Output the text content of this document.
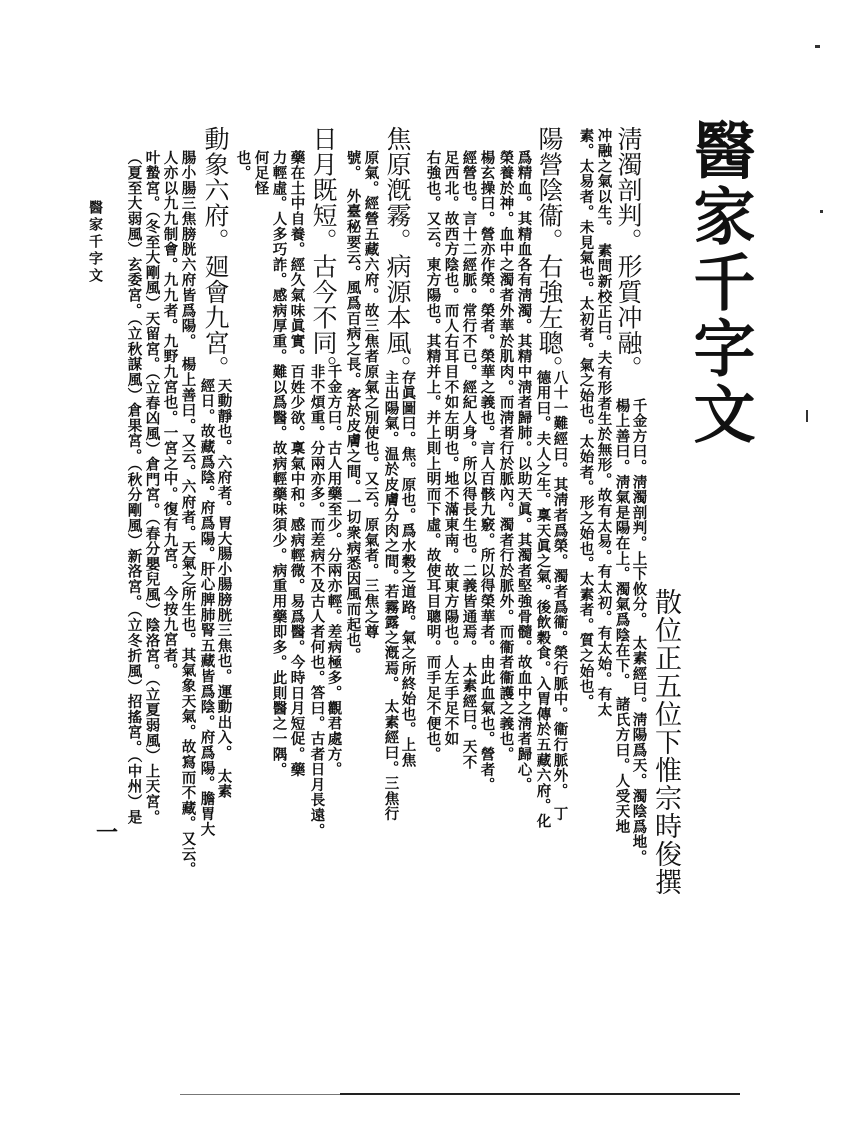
醫家千字文
散位正五位下惟宗時俊撰
淸濁剖判。形質冲融。
千金方曰。淸濁剖判。上下攸分。　太素經曰。淸陽爲天。濁陰爲地。
楊上善曰。淸氣是陽在上。濁氣爲陰在下。　諸氏方曰。人受天地
冲融之氣以生。　素問新校正曰。夫有形者生於無形。故有太易。有太初。有太始。有太
素。太易者。未見氣也。太初者。氣之始也。太始者。形之始也。太素者。質之始也。
陽營陰衞。右強左聰。
八十一難經曰。其淸者爲榮。濁者爲衞。榮行脈中。衞行脈外。　丁
德用曰。夫人之生。稟天眞之氣。後飲穀食。入胃傳於五藏六府。化
爲精血。其精血各有淸濁。其精中淸者歸肺。以助天眞。其濁者堅強骨髓。故血中之淸者歸心。
榮養於神。血中之濁者外華於肌肉。而淸者行於脈內。濁者行於脈外。而衞者衞護之義也。
楊玄操曰。營亦作榮。榮者。榮華之義也。言人百骸九竅。所以得榮華者。由此血氣也。營者。
經營也。言十二經脈。常行不已。經紀人身。所以得長生也。二義皆通焉。　太素經曰。天不
足西北。故西方陰也。而人右耳目不如左明也。地不滿東南。故東方陽也。人左手足不如
右強也。又云。東方陽也。其精并上。并上則上明而下虛。故使耳目聰明。而手足不便也。
焦原漑霧。病源本風。
存眞圖曰。焦。原也。爲水穀之道路。氣之所終始也。上焦
主出陽氣。温於皮膚分肉之間。若霧露之漑焉。　太素經曰。三焦行
原氣。經營五藏六府。故三焦者原氣之別使也。又云。原氣者。三焦之尊
號。　外臺秘要云。風爲百病之長。客於皮膚之間。一切衆病悉因風而起也。
日月既短。古今不同。
千金方曰。古人用藥至少。分兩亦輕。差病極多。觀君處方。
非不煩重。分兩亦多。而差病不及古人者何也。答曰。古者日月長遠。
藥在土中自養。經久氣味眞實。百姓少欲。稟氣中和。感病輕微。易爲醫。今時日月短促。藥
力輕虛。人多巧詐。感病厚重。難以爲醫。故病輕藥味須少。病重用藥即多。此則醫之一隅。
何足怪
也。
動象六府。廻會九宮。
天動靜也。六府者。胃大腸小腸膀胱三焦也。運動出入。　太素
經日。故藏爲陰。府爲陽。肝心脾肺腎五藏皆爲陰。府爲陽。膽胃大
腸小腸三焦膀胱六府皆爲陽。　楊上善曰。又云。六府者。天氣之所生也。其氣象天氣。故寫而不藏。又云。
人亦以九九制會。九九者。九野九宮也。一宮之中。復有九宮。　今按九宮者。
叶蟄宮。（冬至大剛風）天留宮。（立春凶風）倉門宮。（春分嬰兒風）陰洛宮。（立夏弱風）上天宮。
（夏至大弱風）玄委宮。（立秋謀風）倉果宮。（秋分剛風）新洛宮。（立冬折風）招搖宮。（中州）是
醫家千字文
一
